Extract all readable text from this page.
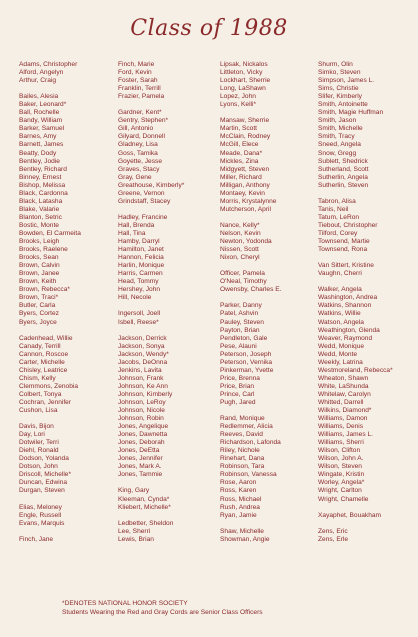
Class of 1988
Adams, Christopher
Alford, Angelyn
Arthur, Craig
Bailes, Alesia
Baker, Leonard*
Ball, Rochelle
Bandy, William
Barker, Samuel
Barnes, Amy
Barnett, James
Beatty, Dody
Bentley, Jodie
Bentley, Richard
Binney, Ernest
Bishop, Melissa
Black, Cardonna
Black, Latasha
Blake, Valarie
Blanton, Setric
Bostic, Monte
Bowden, El Carmeita
Brooks, Leigh
Brooks, Raelene
Brooks, Sean
Brown, Calvin
Brown, Janee
Brown, Keith
Brown, Rebecca*
Brown, Traci*
Butler, Carla
Byers, Cortez
Byers, Joyce
Cadenhead, Willie
Canady, Terrill
Cannon, Roscoe
Carter, Michelle
Chisley, Leatrice
Chism, Kelly
Clemmons, Zenobia
Colbert, Tonya
Cochran, Jennifer
Cushon, Lisa
Davis, Bijon
Day, Lori
Dotwiler, Terri
Diehl, Ronald
Dodson, Yolanda
Dotson, John
Driscoll, Michelle*
Duncan, Edwina
Durgan, Steven
Elias, Meloney
Engle, Russell
Evans, Marquis
Finch, Jane
Finch, Marie
Ford, Kevin
Foster, Sarah
Franklin, Terrill
Frazier, Pamela
Gardner, Kent*
Gentry, Stephen*
Gill, Antonio
Gilyard, Donnell
Gladney, Lisa
Goss, Tamika
Goyette, Jesse
Graves, Stacy
Gray, Gene
Greathouse, Kimberly*
Greene, Vernon
Grindstaff, Stacey
Hadley, Francine
Hall, Brenda
Hall, Tina
Hamby, Darryl
Hamilton, Janet
Hannon, Felicia
Harlin, Monique
Harris, Carmen
Head, Tommy
Hershey, John
Hill, Necole
Ingersoll, Joell
Isbell, Reese*
Jackson, Derrick
Jackson, Sonya
Jackson, Wendy*
Jacobs, DeOnna
Jenkins, Lavita
Johnson, Frank
Johnson, Ke Ann
Johnson, Kimberly
Johnson, LeRoy
Johnson, Nicole
Johnson, Robin
Jones, Angelique
Jones, Dawnetta
Jones, Deborah
Jones, DeEtta
Jones, Jennifer
Jones, Mark A.
Jones, Tammie
King, Gary
Kleeman, Cynda*
Kliebert, Michelle*
Ledbetter, Sheldon
Lee, Sherri
Lewis, Brian
Lipsak, Nickalos
Littleton, Vicky
Lockhart, Sherrie
Long, LaShawn
Lopez, John
Lyons, Kelli*
Mansaw, Sherrie
Martin, Scott
McClain, Rodney
McGill, Elece
Meade, Dana*
Mickles, Zina
Midgyett, Steven
Miller, Richard
Milligan, Anthony
Montaey, Kevin
Morris, Krystalynne
Mutcherson, April
Nance, Kelly*
Nelson, Kevin
Newton, Yodonda
Nissen, Scott
Nixon, Cheryl
Officer, Pamela
O'Neal, Timothy
Owensby, Charles E.
Parker, Danny
Patel, Ashvin
Pauley, Steven
Payton, Brian
Pendleton, Gale
Pese, Alauni
Peterson, Joseph
Peterson, Vernika
Pinkerman, Yvette
Price, Brenna
Price, Brian
Prince, Carl
Pugh, Jared
Rand, Monique
Redlemmer, Alicia
Reeves, David
Richardson, Lafonda
Riley, Nichole
Rinehart, Dana
Robinson, Tara
Robinson, Vanessa
Rose, Aaron
Ross, Karen
Ross, Michael
Rush, Andrea
Ryan, Jamie
Shaw, Michelle
Showman, Angie
Shurm, Olin
Simko, Steven
Simpson, James L.
Sims, Christie
Slifer, Kimberly
Smith, Antoinette
Smith, Magie Huffman
Smith, Jason
Smith, Michelle
Smith, Tracy
Sneed, Angela
Snow, Gregg
Sublett, Shedrick
Sutherland, Scott
Sutherlin, Angela
Sutherlin, Steven
Tabron, Alisa
Tanis, Neil
Tatum, LeRon
Tiebout, Christopher
Tilford, Corey
Townsend, Martie
Townsend, Rona
Van Sittert, Kristine
Vaughn, Cherri
Walker, Angela
Washington, Andrea
Watkins, Shannon
Watkins, Willie
Watson, Angela
Weathington, Glenda
Weaver, Raymond
Wedd, Monique
Wedd, Monte
Weekly, Latrina
Westmoreland, Rebecca*
Wheaton, Shawn
White, LaShunda
Whitelaw, Carolyn
Whitted, Darrell
Wilkins, Diamond*
Williams, Damon
Williams, Denis
Williams, James L.
Williams, Sherri
Wilson, Clifton
Wilson, John A.
Wilson, Steven
Wingate, Kristin
Worley, Angela*
Wright, Carlton
Wright, Chamelle
Xayaphet, Bouakham
Zens, Eric
Zens, Erle
*DENOTES NATIONAL HONOR SOCIETY
Students Wearing the Red and Gray Cords are Senior Class Officers
